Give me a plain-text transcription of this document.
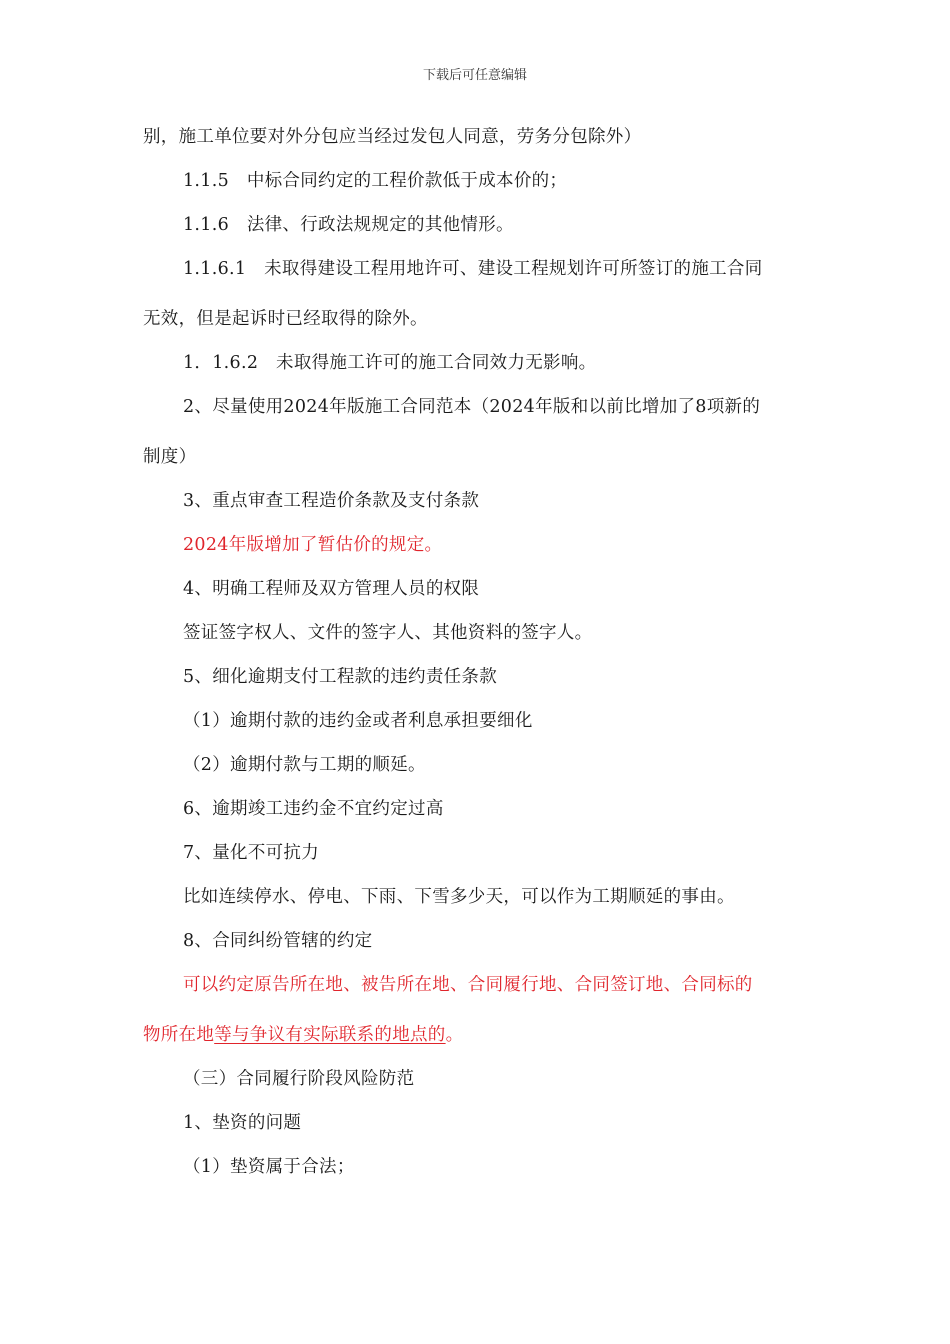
下载后可任意编辑
别，施工单位要对外分包应当经过发包人同意，劳务分包除外）
1.1.5　中标合同约定的工程价款低于成本价的；
1.1.6　法律、行政法规规定的其他情形。
1.1.6.1　未取得建设工程用地许可、建设工程规划许可所签订的施工合同
无效，但是起诉时已经取得的除外。
1．1.6.2　未取得施工许可的施工合同效力无影响。
2、尽量使用2024年版施工合同范本（2024年版和以前比增加了8项新的
制度）
3、重点审查工程造价条款及支付条款
2024年版增加了暂估价的规定。
4、明确工程师及双方管理人员的权限
签证签字权人、文件的签字人、其他资料的签字人。
5、细化逾期支付工程款的违约责任条款
（1）逾期付款的违约金或者利息承担要细化
（2）逾期付款与工期的顺延。
6、逾期竣工违约金不宜约定过高
7、量化不可抗力
比如连续停水、停电、下雨、下雪多少天，可以作为工期顺延的事由。
8、合同纠纷管辖的约定
可以约定原告所在地、被告所在地、合同履行地、合同签订地、合同标的
物所在地等与争议有实际联系的地点的。
（三）合同履行阶段风险防范
1、垫资的问题
（1）垫资属于合法；
